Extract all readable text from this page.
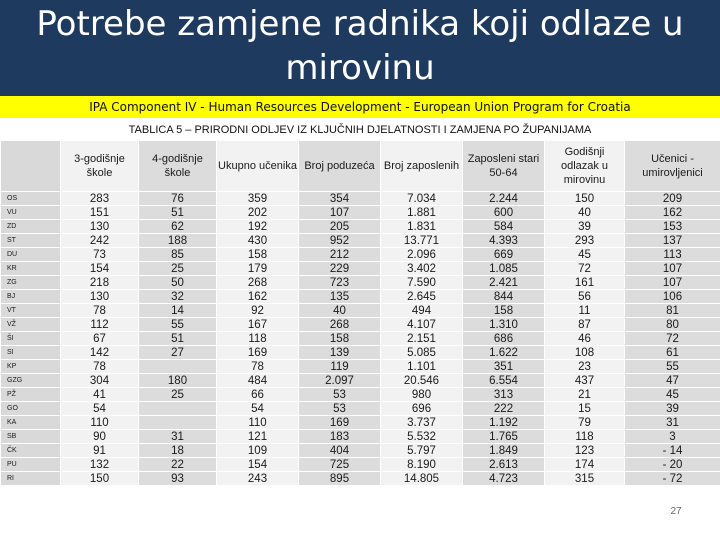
Potrebe zamjene radnika koji odlaze u mirovinu
IPA Component IV - Human Resources Development - European Union Program for Croatia
TABLICA 5 – PRIRODNI ODLJEV IZ KLJUČNIH DJELATNOSTI I ZAMJENA PO ŽUPANIJAMA
	3-godišnje škole	4-godišnje škole	Ukupno učenika	Broj poduzeća	Broj zaposlenih	Zaposleni stari 50-64	Godišnji odlazak u mirovinu	Učenici - umirovljenici
OS	283	76	359	354	7.034	2.244	150	209
VU	151	51	202	107	1.881	600	40	162
ZD	130	62	192	205	1.831	584	39	153
ST	242	188	430	952	13.771	4.393	293	137
DU	73	85	158	212	2.096	669	45	113
KR	154	25	179	229	3.402	1.085	72	107
ZG	218	50	268	723	7.590	2.421	161	107
BJ	130	32	162	135	2.645	844	56	106
VT	78	14	92	40	494	158	11	81
VŽ	112	55	167	268	4.107	1.310	87	80
ŠI	67	51	118	158	2.151	686	46	72
SI	142	27	169	139	5.085	1.622	108	61
KP	78		78	119	1.101	351	23	55
GZG	304	180	484	2.097	20.546	6.554	437	47
PŽ	41	25	66	53	980	313	21	45
GO	54		54	53	696	222	15	39
KA	110		110	169	3.737	1.192	79	31
SB	90	31	121	183	5.532	1.765	118	3
ČK	91	18	109	404	5.797	1.849	123	- 14
PU	132	22	154	725	8.190	2.613	174	- 20
RI	150	93	243	895	14.805	4.723	315	- 72
27
